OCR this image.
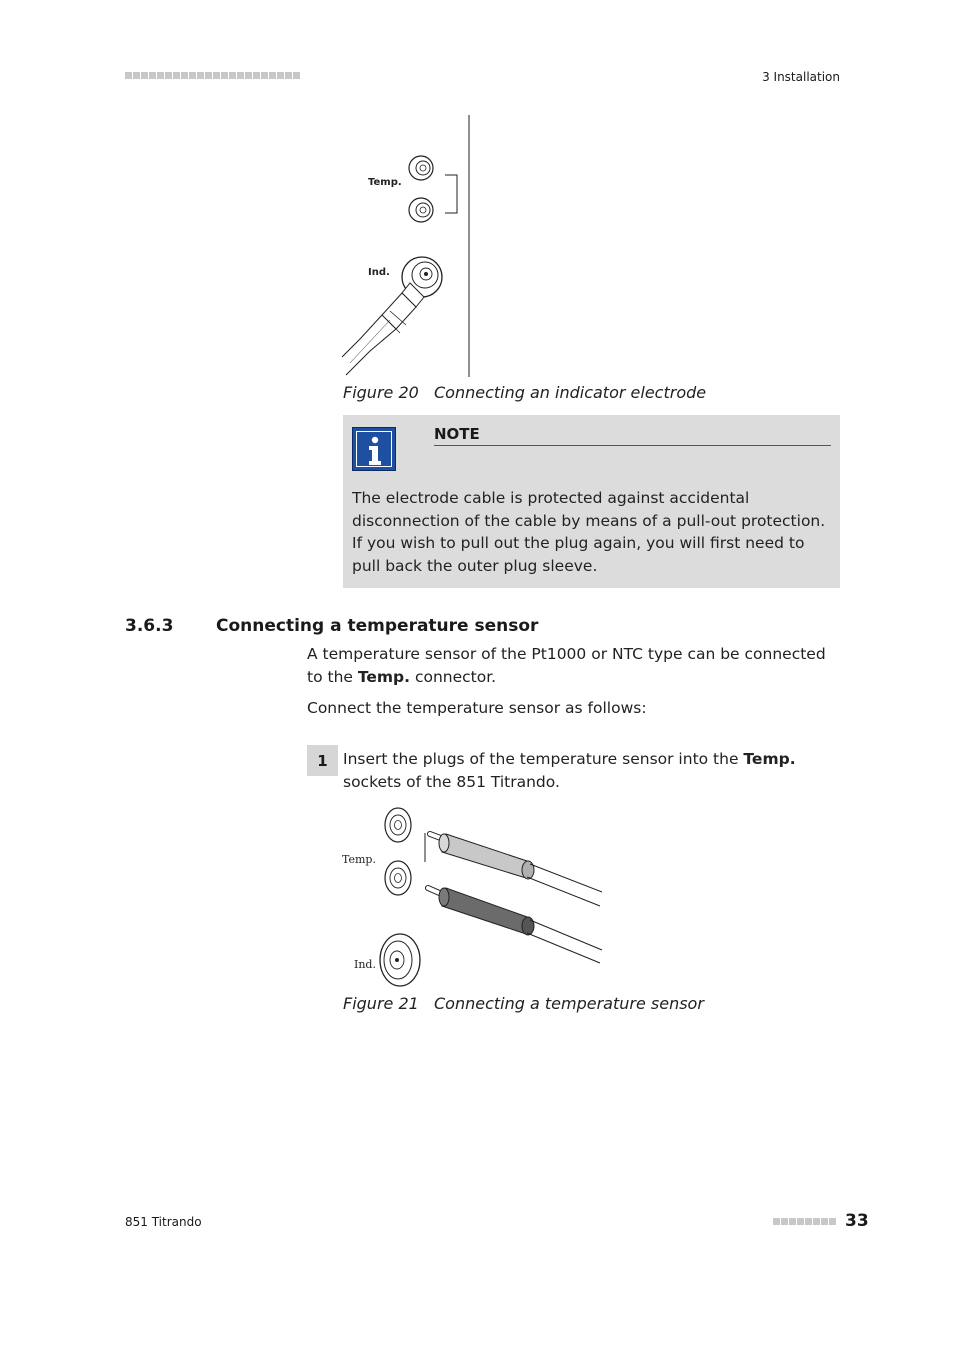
3 Installation
Temp.
Ind.
Figure 20 Connecting an indicator electrode
NOTE
The electrode cable is protected against accidental disconnection of the cable by means of a pull-out protection. If you wish to pull out the plug again, you will first need to pull back the outer plug sleeve.
3.6.3	Connecting a temperature sensor
A temperature sensor of the Pt1000 or NTC type can be connected to the Temp. connector.
Connect the temperature sensor as follows:
1 Insert the plugs of the temperature sensor into the Temp. sockets of the 851 Titrando.
Temp.
Ind.
Figure 21 Connecting a temperature sensor
851 Titrando	33
